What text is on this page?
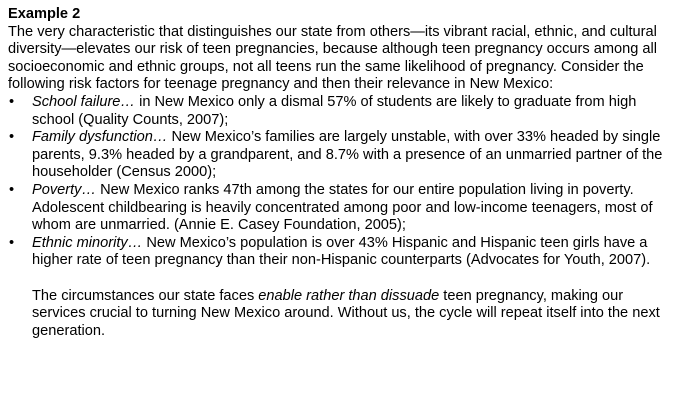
Example 2

The very characteristic that distinguishes our state from others—its vibrant racial, ethnic, and cultural diversity—elevates our risk of teen pregnancies, because although teen pregnancy occurs among all socioeconomic and ethnic groups, not all teens run the same likelihood of pregnancy. Consider the following risk factors for teenage pregnancy and then their relevance in New Mexico:

• School failure… in New Mexico only a dismal 57% of students are likely to graduate from high school (Quality Counts, 2007);
• Family dysfunction… New Mexico’s families are largely unstable, with over 33% headed by single parents, 9.3% headed by a grandparent, and 8.7% with a presence of an unmarried partner of the householder (Census 2000);
• Poverty… New Mexico ranks 47th among the states for our entire population living in poverty. Adolescent childbearing is heavily concentrated among poor and low-income teenagers, most of whom are unmarried. (Annie E. Casey Foundation, 2005);
• Ethnic minority… New Mexico’s population is over 43% Hispanic and Hispanic teen girls have a higher rate of teen pregnancy than their non-Hispanic counterparts (Advocates for Youth, 2007).

The circumstances our state faces enable rather than dissuade teen pregnancy, making our services crucial to turning New Mexico around. Without us, the cycle will repeat itself into the next generation.
